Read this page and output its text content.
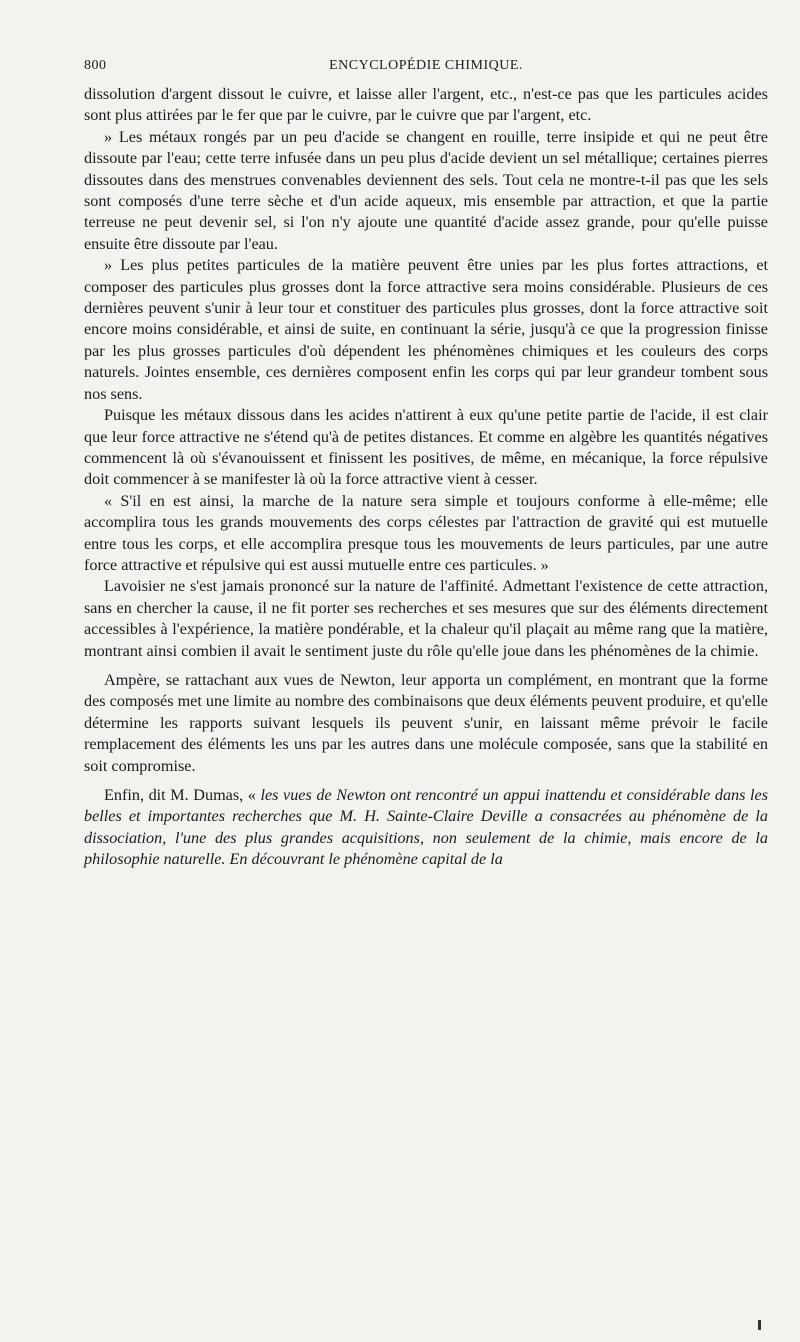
800	ENCYCLOPÉDIE CHIMIQUE.

dissolution d'argent dissout le cuivre, et laisse aller l'argent, etc., n'est-ce pas que les particules acides sont plus attirées par le fer que par le cuivre, par le cuivre que par l'argent, etc.

» Les métaux rongés par un peu d'acide se changent en rouille, terre insipide et qui ne peut être dissoute par l'eau; cette terre infusée dans un peu plus d'acide devient un sel métallique; certaines pierres dissoutes dans des menstrues convenables deviennent des sels. Tout cela ne montre-t-il pas que les sels sont composés d'une terre sèche et d'un acide aqueux, mis ensemble par attraction, et que la partie terreuse ne peut devenir sel, si l'on n'y ajoute une quantité d'acide assez grande, pour qu'elle puisse ensuite être dissoute par l'eau.

» Les plus petites particules de la matière peuvent être unies par les plus fortes attractions, et composer des particules plus grosses dont la force attractive sera moins considérable. Plusieurs de ces dernières peuvent s'unir à leur tour et constituer des particules plus grosses, dont la force attractive soit encore moins considérable, et ainsi de suite, en continuant la série, jusqu'à ce que la progression finisse par les plus grosses particules d'où dépendent les phénomènes chimiques et les couleurs des corps naturels. Jointes ensemble, ces dernières composent enfin les corps qui par leur grandeur tombent sous nos sens.

Puisque les métaux dissous dans les acides n'attirent à eux qu'une petite partie de l'acide, il est clair que leur force attractive ne s'étend qu'à de petites distances. Et comme en algèbre les quantités négatives commencent là où s'évanouissent et finissent les positives, de même, en mécanique, la force répulsive doit commencer à se manifester là où la force attractive vient à cesser.

« S'il en est ainsi, la marche de la nature sera simple et toujours conforme à elle-même; elle accomplira tous les grands mouvements des corps célestes par l'attraction de gravité qui est mutuelle entre tous les corps, et elle accomplira presque tous les mouvements de leurs particules, par une autre force attractive et répulsive qui est aussi mutuelle entre ces particules. »

Lavoisier ne s'est jamais prononcé sur la nature de l'affinité. Admettant l'existence de cette attraction, sans en chercher la cause, il ne fit porter ses recherches et ses mesures que sur des éléments directement accessibles à l'expérience, la matière pondérable, et la chaleur qu'il plaçait au même rang que la matière, montrant ainsi combien il avait le sentiment juste du rôle qu'elle joue dans les phénomènes de la chimie.

Ampère, se rattachant aux vues de Newton, leur apporta un complément, en montrant que la forme des composés met une limite au nombre des combinaisons que deux éléments peuvent produire, et qu'elle détermine les rapports suivant lesquels ils peuvent s'unir, en laissant même prévoir le facile remplacement des éléments les uns par les autres dans une molécule composée, sans que la stabilité en soit compromise.

Enfin, dit M. Dumas, « les vues de Newton ont rencontré un appui inattendu et considérable dans les belles et importantes recherches que M. H. Sainte-Claire Deville a consacrées au phénomène de la dissociation, l'une des plus grandes acquisitions, non seulement de la chimie, mais encore de la philosophie naturelle. En découvrant le phénomène capital de la
